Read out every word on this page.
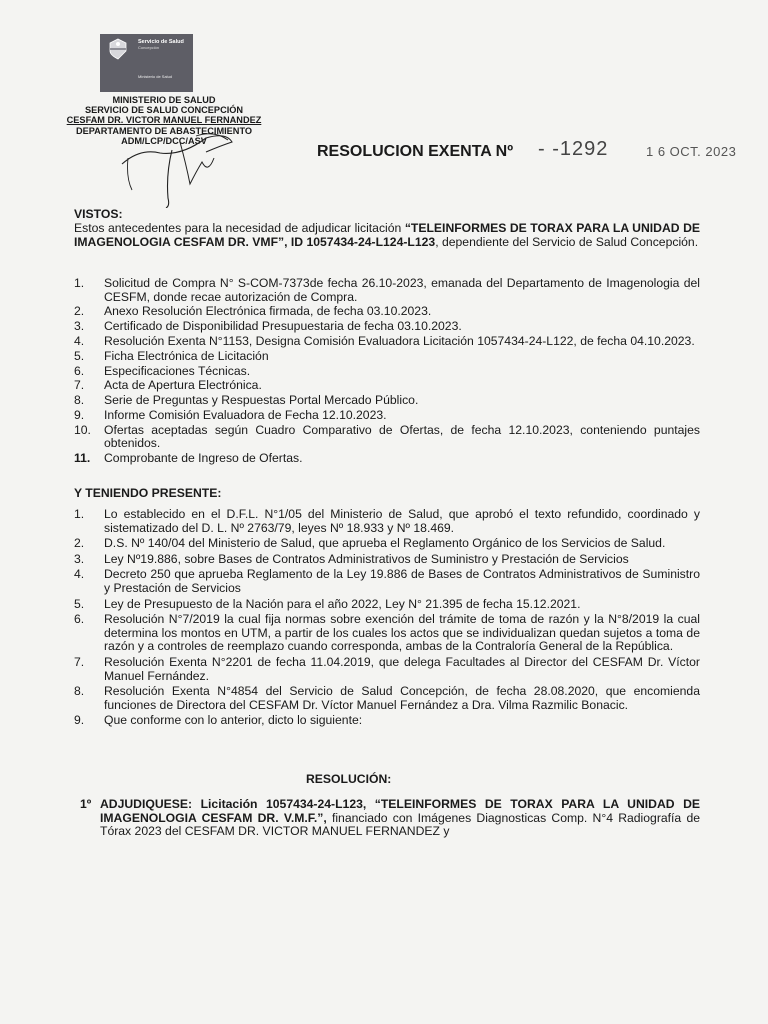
Servicio de Salud
Concepción
Ministerio de Salud
MINISTERIO DE SALUD
SERVICIO DE SALUD CONCEPCIÓN
CESFAM DR. VICTOR MANUEL FERNANDEZ
DEPARTAMENTO DE ABASTECIMIENTO
ADM/LCP/DCC/ASV
RESOLUCION EXENTA Nº - -1292	1 6 OCT. 2023
VISTOS:
Estos antecedentes para la necesidad de adjudicar licitación “TELEINFORMES DE TORAX PARA LA UNIDAD DE IMAGENOLOGIA CESFAM DR. VMF”, ID 1057434-24-L124-L123, dependiente del Servicio de Salud Concepción.
1. Solicitud de Compra N° S-COM-7373de fecha 26.10-2023, emanada del Departamento de Imagenologia del CESFM, donde recae autorización de Compra.
2. Anexo Resolución Electrónica firmada, de fecha 03.10.2023.
3. Certificado de Disponibilidad Presupuestaria de fecha 03.10.2023.
4. Resolución Exenta N°1153, Designa Comisión Evaluadora Licitación 1057434-24-L122, de fecha 04.10.2023.
5. Ficha Electrónica de Licitación
6. Especificaciones Técnicas.
7. Acta de Apertura Electrónica.
8. Serie de Preguntas y Respuestas Portal Mercado Público.
9. Informe Comisión Evaluadora de Fecha 12.10.2023.
10. Ofertas aceptadas según Cuadro Comparativo de Ofertas, de fecha 12.10.2023, conteniendo puntajes obtenidos.
11. Comprobante de Ingreso de Ofertas.
Y TENIENDO PRESENTE:
1. Lo establecido en el D.F.L. N°1/05 del Ministerio de Salud, que aprobó el texto refundido, coordinado y sistematizado del D. L. Nº 2763/79, leyes Nº 18.933 y Nº 18.469.
2. D.S. Nº 140/04 del Ministerio de Salud, que aprueba el Reglamento Orgánico de los Servicios de Salud.
3. Ley Nº19.886, sobre Bases de Contratos Administrativos de Suministro y Prestación de Servicios
4. Decreto 250 que aprueba Reglamento de la Ley 19.886 de Bases de Contratos Administrativos de Suministro y Prestación de Servicios
5. Ley de Presupuesto de la Nación para el año 2022, Ley N° 21.395 de fecha 15.12.2021.
6. Resolución N°7/2019 la cual fija normas sobre exención del trámite de toma de razón y la N°8/2019 la cual determina los montos en UTM, a partir de los cuales los actos que se individualizan quedan sujetos a toma de razón y a controles de reemplazo cuando corresponda, ambas de la Contraloría General de la República.
7. Resolución Exenta N°2201 de fecha 11.04.2019, que delega Facultades al Director del CESFAM Dr. Víctor Manuel Fernández.
8. Resolución Exenta N°4854 del Servicio de Salud Concepción, de fecha 28.08.2020, que encomienda funciones de Directora del CESFAM Dr. Víctor Manuel Fernández a Dra. Vilma Razmilic Bonacic.
9. Que conforme con lo anterior, dicto lo siguiente:
RESOLUCIÓN:
1º ADJUDIQUESE: Licitación 1057434-24-L123, “TELEINFORMES DE TORAX PARA LA UNIDAD DE IMAGENOLOGIA CESFAM DR. V.M.F.”, financiado con Imágenes Diagnosticas Comp. N°4 Radiografía de Tórax 2023 del CESFAM DR. VICTOR MANUEL FERNANDEZ y
